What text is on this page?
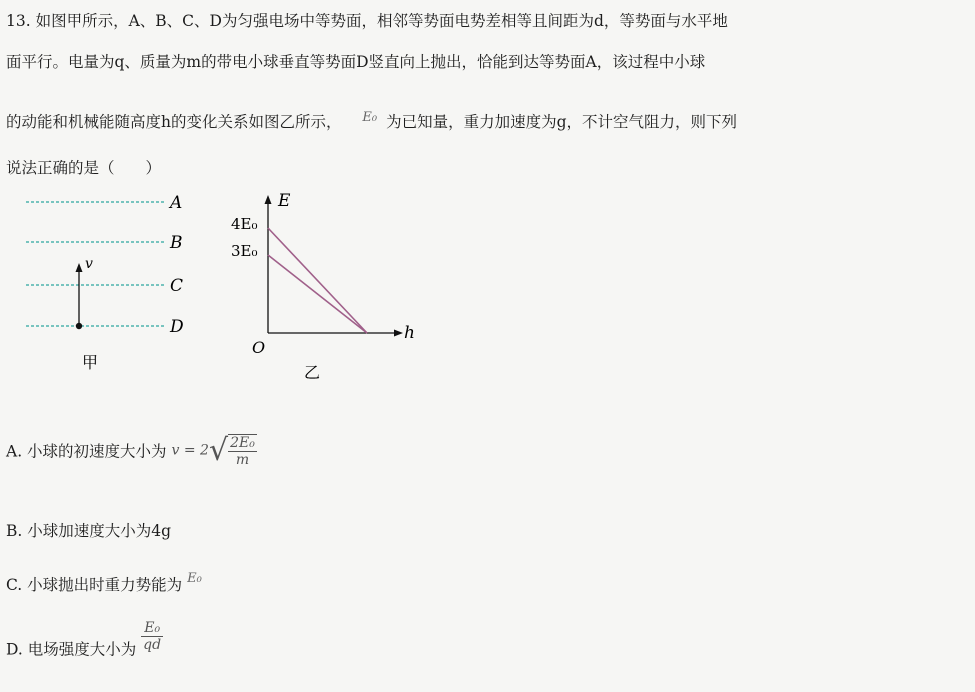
13. 如图甲所示，A、B、C、D为匀强电场中等势面，相邻等势面电势差相等且间距为d，等势面与水平地
面平行。电量为q、质量为m的带电小球垂直等势面D竖直向上抛出，恰能到达等势面A，该过程中小球
的动能和机械能随高度h的变化关系如图乙所示， $^{E_0}$ 为已知量，重力加速度为g，不计空气阻力，则下列
说法正确的是（　　）
A
B
C
D
v
甲
E
h
O
4E₀
3E₀
乙
A. 小球的初速度大小为 $v = 2√ \frac{\text{2E₀}}{m}$
B. 小球加速度大小为4g
C. 小球抛出时重力势能为 $^{E_0}$
D. 电场强度大小为 $\frac{\text{E₀}}{qd}$
